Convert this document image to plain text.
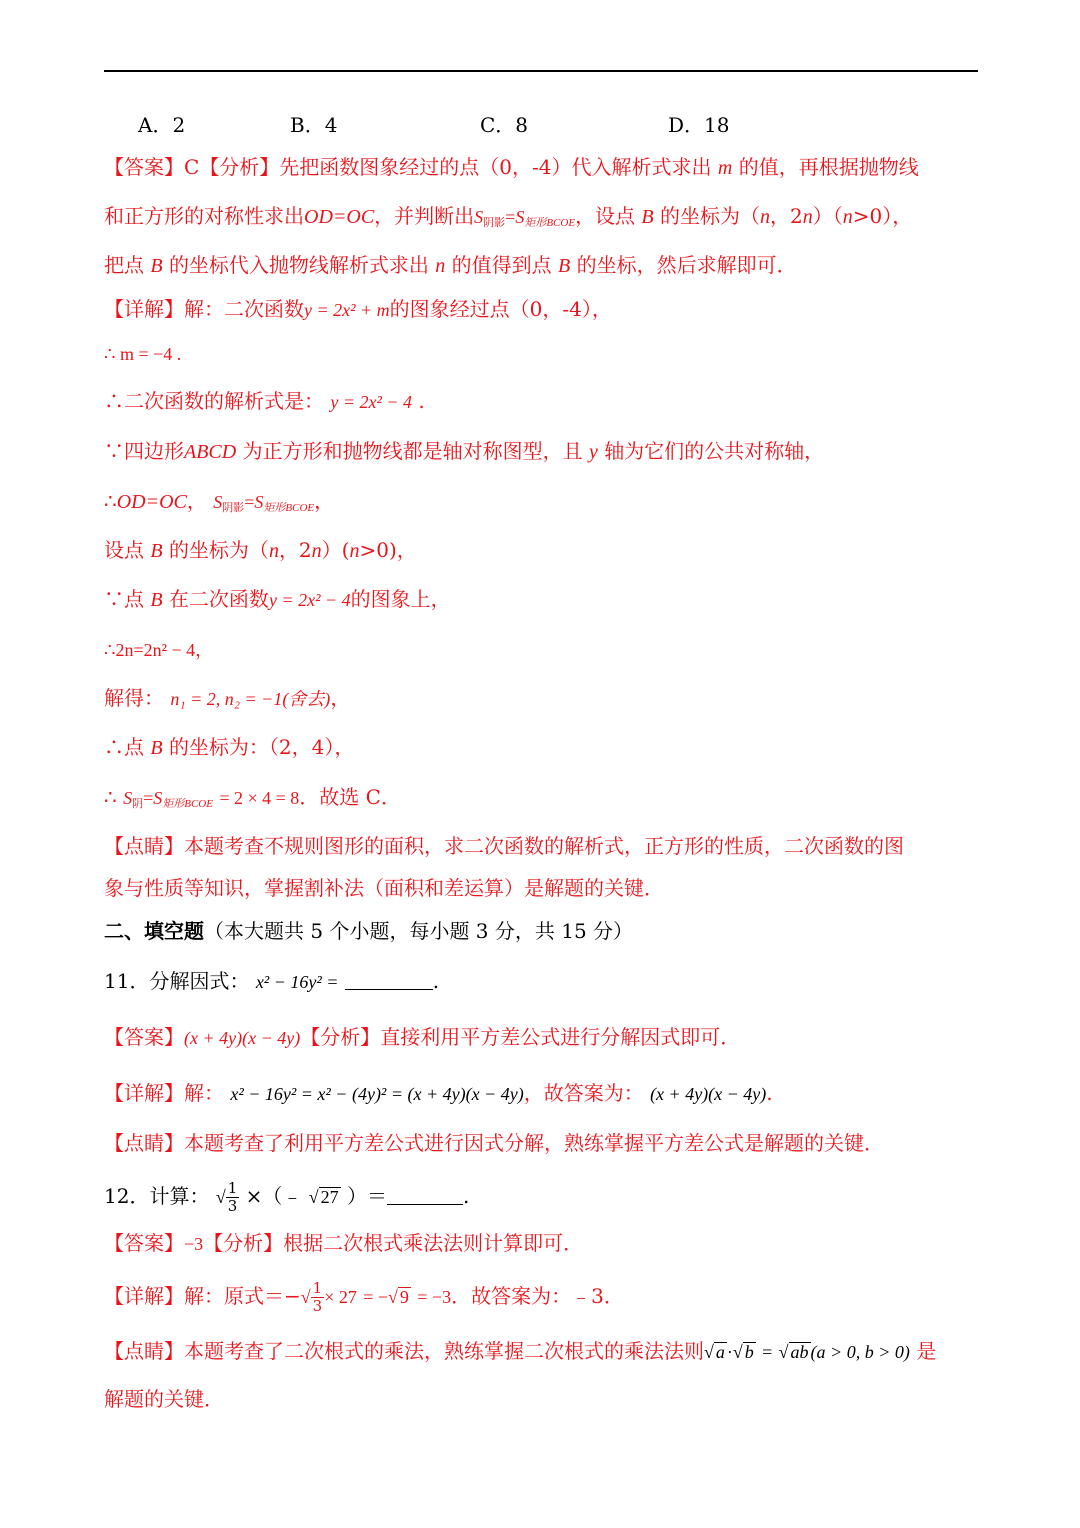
A．2	B．4	C．8	D．18
【答案】C【分析】先把函数图象经过的点（0，-4）代入解析式求出 m 的值，再根据抛物线
和正方形的对称性求出OD=OC，并判断出$S_{阴影}=S_{矩形BCOE}$，设点 B 的坐标为（n，2n）（n>0），
把点 B 的坐标代入抛物线解析式求出 n 的值得到点 B 的坐标，然后求解即可．
【详解】解：二次函数y = 2x² + m的图象经过点（0，-4），
∴ m = −4 .
∴二次函数的解析式是： y = 2x² − 4 .
∵四边形ABCD 为正方形和抛物线都是轴对称图型，且 y 轴为它们的公共对称轴，
∴OD=OC， $S_{阴影}=S_{矩形BCOE}$，
设点 B 的坐标为（n，2n）(n>0)，
∵点 B 在二次函数y = 2x² − 4的图象上，
∴2n=2n² − 4，
解得： n₁ = 2, n₂ = −1(舍去)，
∴点 B 的坐标为：（2，4），
∴ $S_阴=S_{矩形BCOE} = 2 \times 4 = 8$．故选 C．
【点睛】本题考查不规则图形的面积，求二次函数的解析式，正方形的性质，二次函数的图
象与性质等知识，掌握割补法（面积和差运算）是解题的关键．
二、填空题（本大题共 5 个小题，每小题 3 分，共 15 分）
11．分解因式： x² − 16y² =	.
【答案】(x + 4y)(x − 4y)【分析】直接利用平方差公式进行分解因式即可．
【详解】解： x² − 16y² = x² − (4y)² = (x + 4y)(x − 4y)，故答案为： (x + 4y)(x − 4y).
【点睛】本题考查了利用平方差公式进行因式分解，熟练掌握平方差公式是解题的关键．
12．计算： √ $\frac{1}{3}$ ×（﹣ √ 27 ）＝	.
【答案】−3【分析】根据二次根式乘法法则计算即可．
【详解】解：原式＝−√ $\frac{1}{3} \times 27$ = −√ 9 = −3．故答案为：﹣3．
【点睛】本题考查了二次根式的乘法，熟练掌握二次根式的乘法法则√ a ·√ b = √ ab (a > 0, b > 0) 是
解题的关键．
